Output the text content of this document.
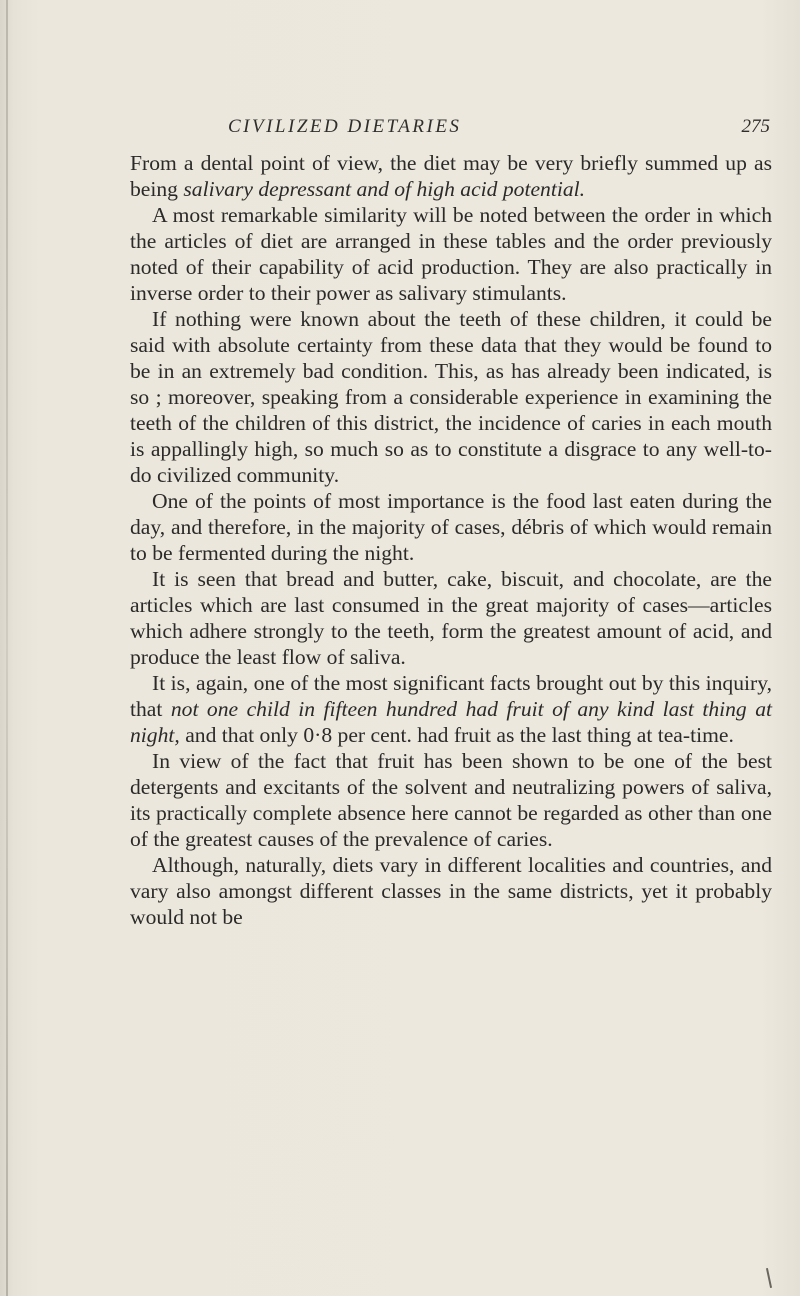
CIVILIZED DIETARIES	275

From a dental point of view, the diet may be very briefly summed up as being salivary depressant and of high acid potential.

A most remarkable similarity will be noted between the order in which the articles of diet are arranged in these tables and the order previously noted of their capability of acid production. They are also practically in inverse order to their power as salivary stimulants.

If nothing were known about the teeth of these children, it could be said with absolute certainty from these data that they would be found to be in an extremely bad condition. This, as has already been indicated, is so ; moreover, speaking from a considerable experience in examining the teeth of the children of this district, the incidence of caries in each mouth is appallingly high, so much so as to constitute a disgrace to any well-to-do civilized community.

One of the points of most importance is the food last eaten during the day, and therefore, in the majority of cases, débris of which would remain to be fermented during the night.

It is seen that bread and butter, cake, biscuit, and chocolate, are the articles which are last consumed in the great majority of cases—articles which adhere strongly to the teeth, form the greatest amount of acid, and produce the least flow of saliva.

It is, again, one of the most significant facts brought out by this inquiry, that not one child in fifteen hundred had fruit of any kind last thing at night, and that only 0·8 per cent. had fruit as the last thing at tea-time.

In view of the fact that fruit has been shown to be one of the best detergents and excitants of the solvent and neutralizing powers of saliva, its practically complete absence here cannot be regarded as other than one of the greatest causes of the prevalence of caries.

Although, naturally, diets vary in different localities and countries, and vary also amongst different classes in the same districts, yet it probably would not be
